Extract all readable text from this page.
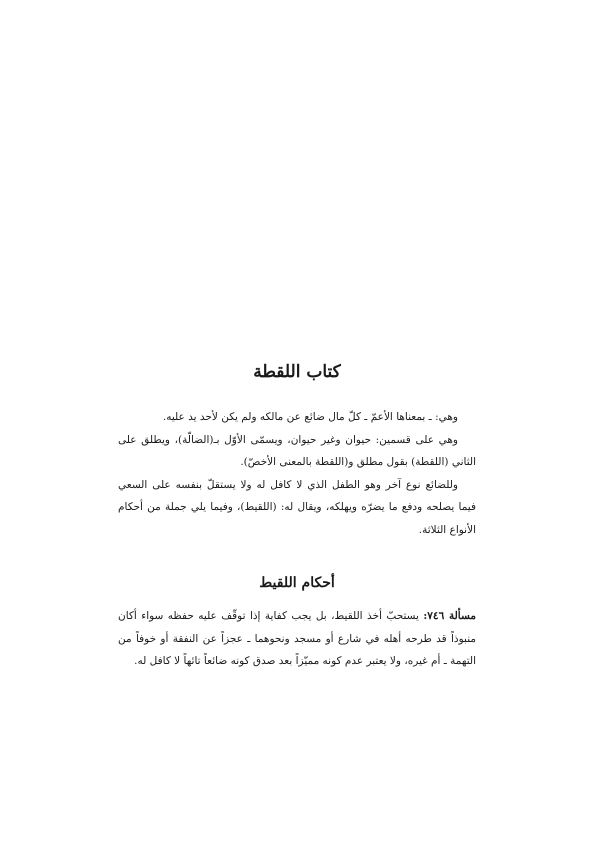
كتاب اللقطة

وهي: ـ بمعناها الأعمّ ـ كلّ مال ضائع عن مالكه ولم يكن لأحد يد عليه.

وهي على قسمين: حيوان وغير حيوان، ويسمّى الأوّل بـ(الضالّة)، ويطلق على الثاني (اللقطة) بقول مطلق و(اللقطة بالمعنى الأخصّ).

وللضائع نوع آخر وهو الطفل الذي لا كافل له ولا يستقلّ بنفسه على السعي فيما يصلحه ودفع ما يضرّه ويهلكه، ويقال له: (اللقيط)، وفيما يلي جملة من أحكام الأنواع الثلاثة.

أحكام اللقيط

مسألة ٧٤٦: يستحبّ أخذ اللقيط، بل يجب كفاية إذا توقّف عليه حفظه سواء أكان منبوذاً قد طرحه أهله في شارع أو مسجد ونحوهما ـ عجزاً عن النفقة أو خوفاً من التهمة ـ أم غيره، ولا يعتبر عدم كونه مميّزاً بعد صدق كونه ضائعاً تائهاً لا كافل له.
